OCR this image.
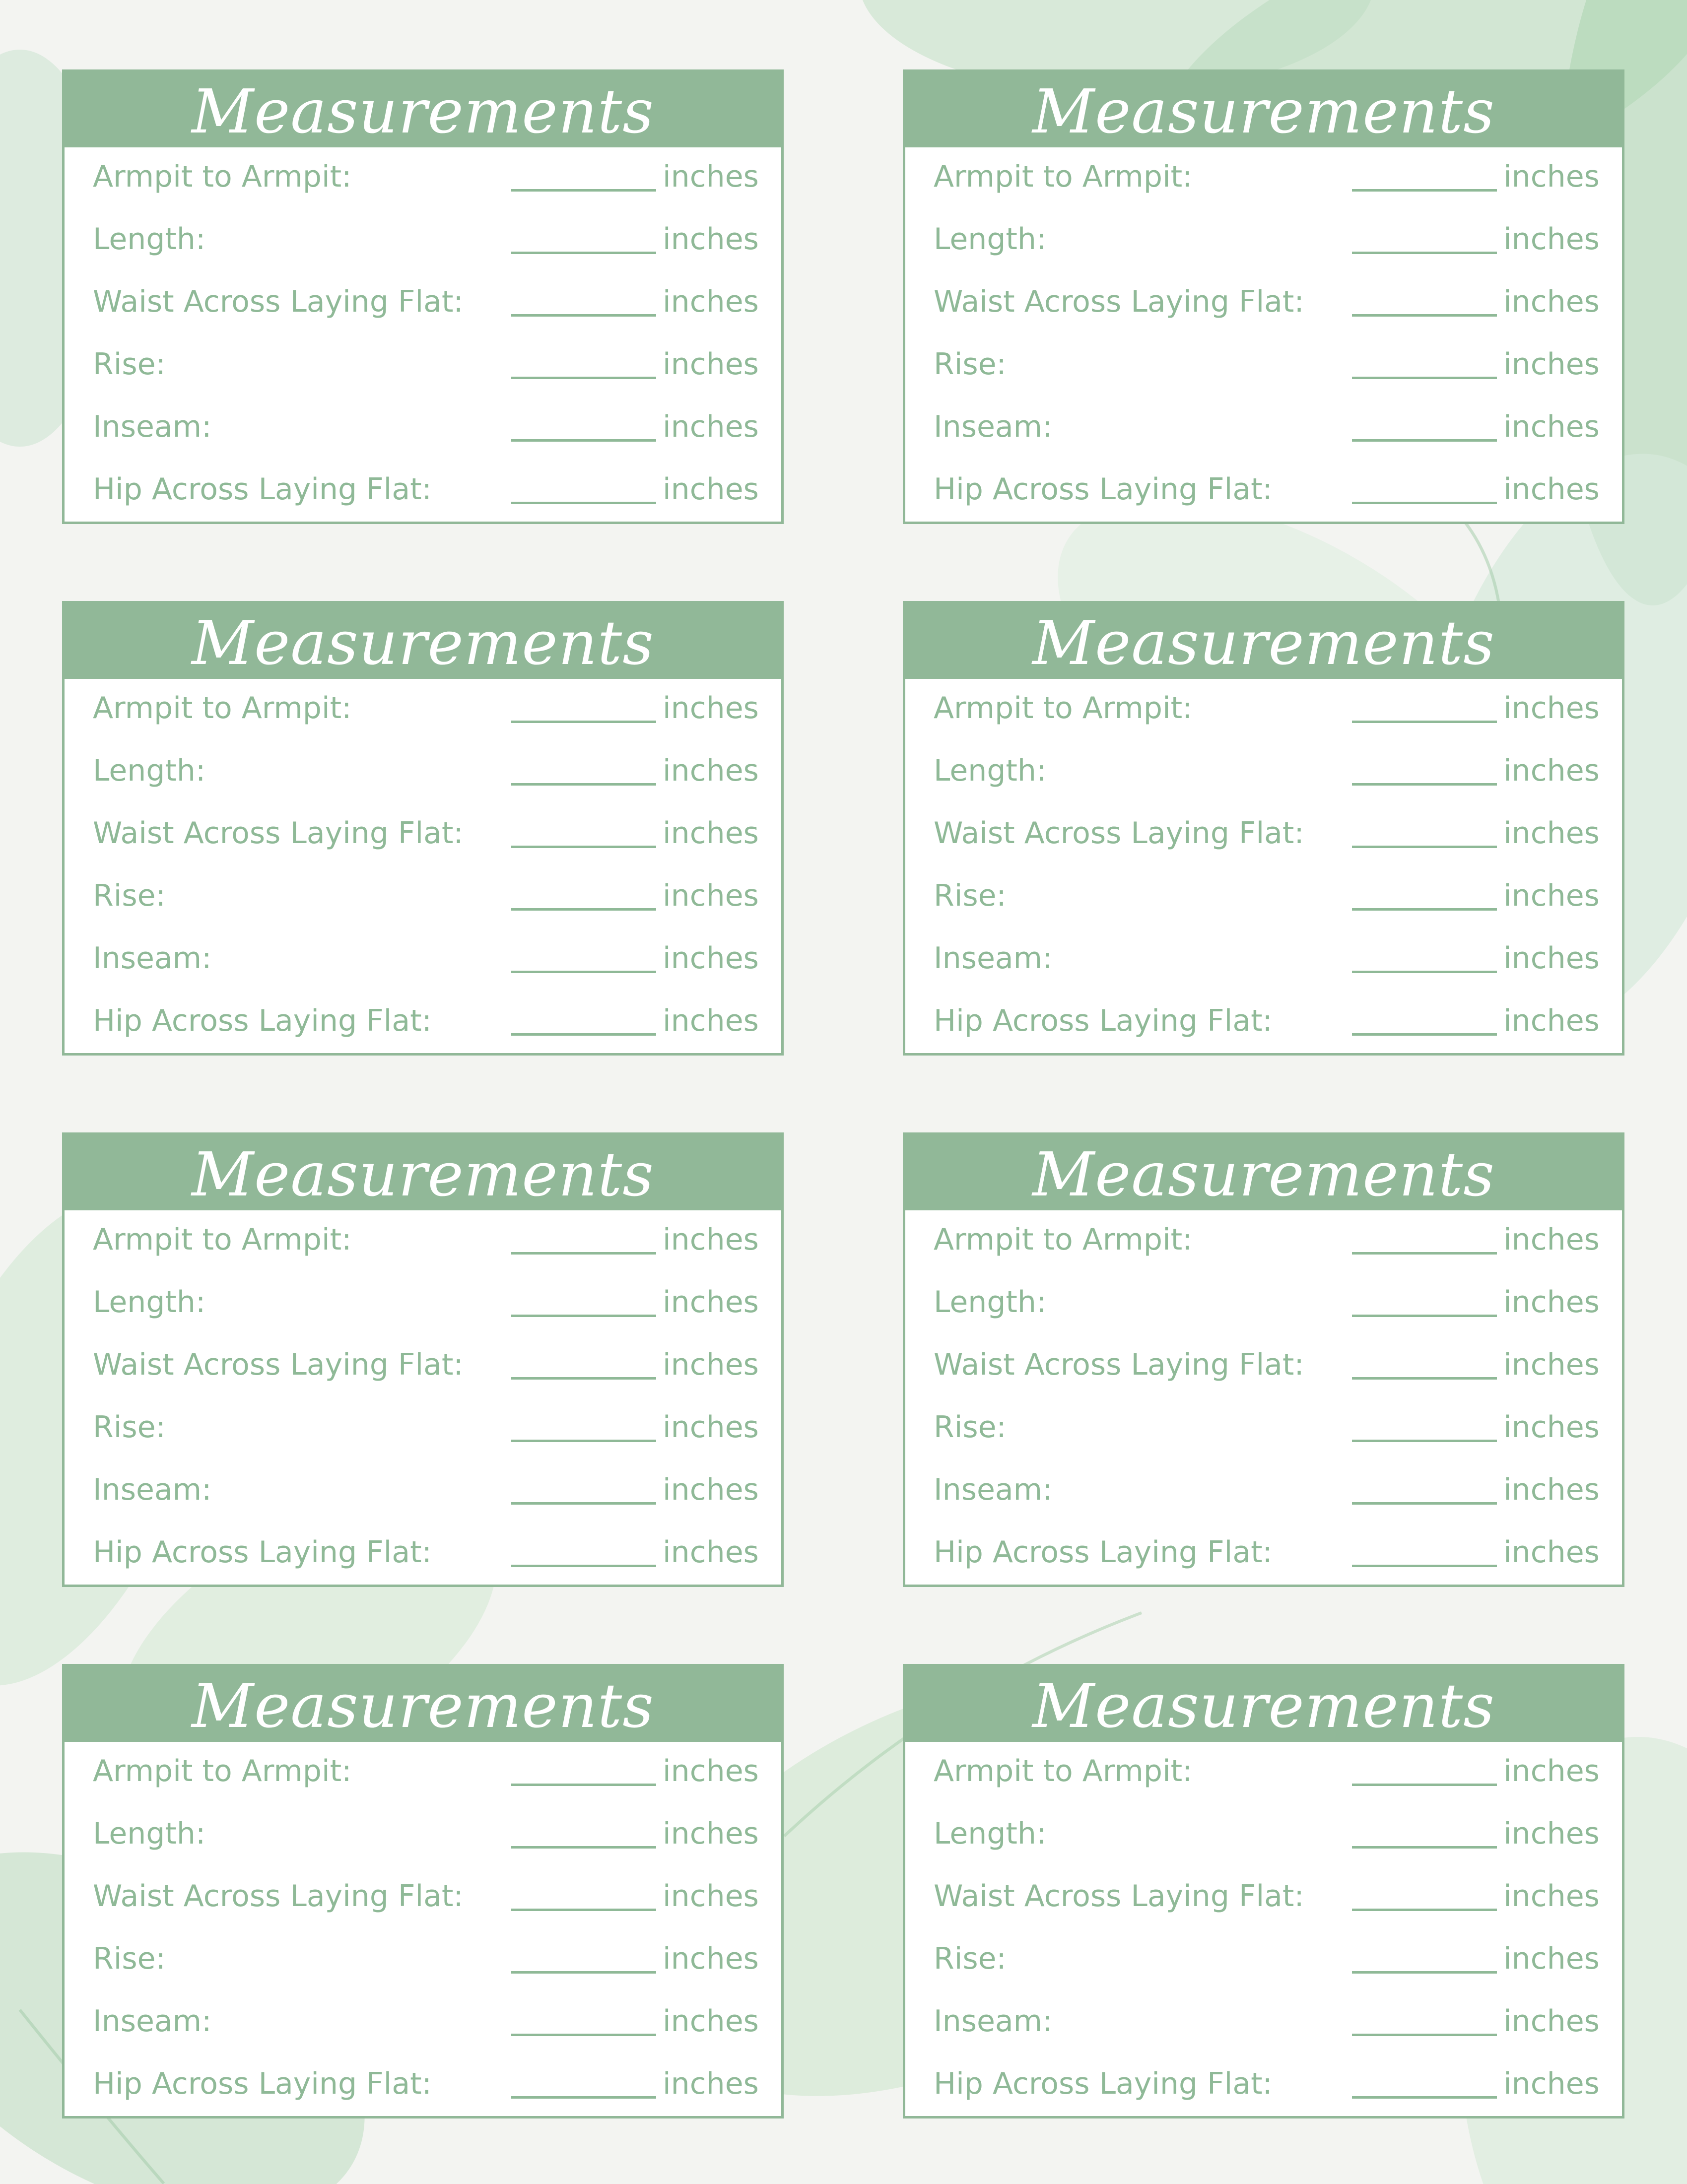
Measurements
Armpit to Armpit:	inches
Length:	inches
Waist Across Laying Flat:	inches
Rise:	inches
Inseam:	inches
Hip Across Laying Flat:	inches
Measurements
Armpit to Armpit:	inches
Length:	inches
Waist Across Laying Flat:	inches
Rise:	inches
Inseam:	inches
Hip Across Laying Flat:	inches
Measurements
Armpit to Armpit:	inches
Length:	inches
Waist Across Laying Flat:	inches
Rise:	inches
Inseam:	inches
Hip Across Laying Flat:	inches
Measurements
Armpit to Armpit:	inches
Length:	inches
Waist Across Laying Flat:	inches
Rise:	inches
Inseam:	inches
Hip Across Laying Flat:	inches
Measurements
Armpit to Armpit:	inches
Length:	inches
Waist Across Laying Flat:	inches
Rise:	inches
Inseam:	inches
Hip Across Laying Flat:	inches
Measurements
Armpit to Armpit:	inches
Length:	inches
Waist Across Laying Flat:	inches
Rise:	inches
Inseam:	inches
Hip Across Laying Flat:	inches
Measurements
Armpit to Armpit:	inches
Length:	inches
Waist Across Laying Flat:	inches
Rise:	inches
Inseam:	inches
Hip Across Laying Flat:	inches
Measurements
Armpit to Armpit:	inches
Length:	inches
Waist Across Laying Flat:	inches
Rise:	inches
Inseam:	inches
Hip Across Laying Flat:	inches
